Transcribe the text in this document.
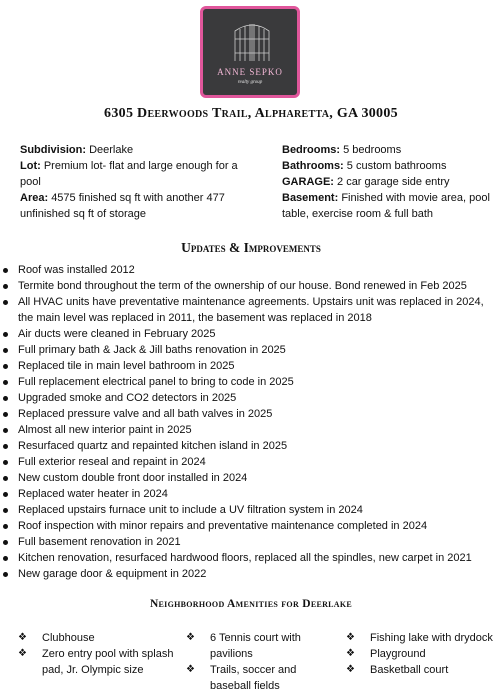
ANNE SEPKO
realty group
6305 Deerwoods Trail, Alpharetta, GA 30005
Subdivision: Deerlake
Lot: Premium lot- flat and large enough for a pool
Area: 4575 finished sq ft with another 477 unfinished sq ft of storage
Bedrooms: 5 bedrooms
Bathrooms: 5 custom bathrooms
GARAGE: 2 car garage side entry
Basement: Finished with movie area, pool table, exercise room & full bath
Updates & Improvements
Roof was installed 2012
Termite bond throughout the term of the ownership of our house. Bond renewed in Feb 2025
All HVAC units have preventative maintenance agreements. Upstairs unit was replaced in 2024, the main level was replaced in 2011, the basement was replaced in 2018
Air ducts were cleaned in February 2025
Full primary bath & Jack & Jill baths renovation in 2025
Replaced tile in main level bathroom in 2025
Full replacement electrical panel to bring to code in 2025
Upgraded smoke and CO2 detectors in 2025
Replaced pressure valve and all bath valves in 2025
Almost all new interior paint in 2025
Resurfaced quartz and repainted kitchen island in 2025
Full exterior reseal and repaint in 2024
New custom double front door installed in 2024
Replaced water heater in 2024
Replaced upstairs furnace unit to include a UV filtration system in 2024
Roof inspection with minor repairs and preventative maintenance completed in 2024
Full basement renovation in 2021
Kitchen renovation, resurfaced hardwood floors, replaced all the spindles, new carpet in 2021
New garage door & equipment in 2022
Neighborhood Amenities for Deerlake
❖ Clubhouse
❖ Zero entry pool with splash pad, Jr. Olympic size
❖ 6 Tennis court with pavilions
❖ Trails, soccer and baseball fields
❖ Fishing lake with drydock
❖ Playground
❖ Basketball court
